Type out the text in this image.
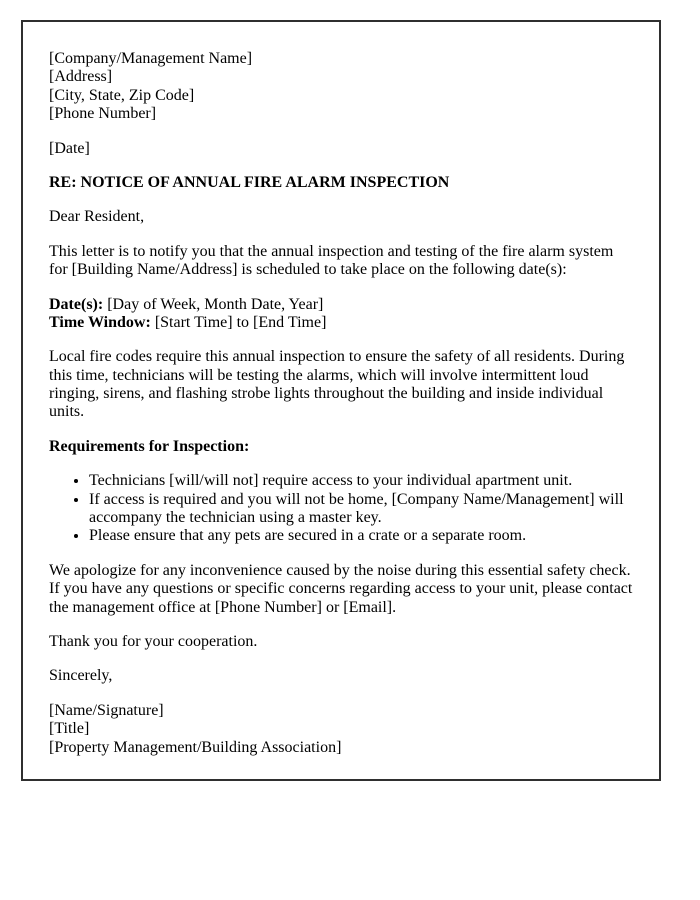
[Company/Management Name]
[Address]
[City, State, Zip Code]
[Phone Number]
[Date]
RE: NOTICE OF ANNUAL FIRE ALARM INSPECTION
Dear Resident,
This letter is to notify you that the annual inspection and testing of the fire alarm system for [Building Name/Address] is scheduled to take place on the following date(s):
Date(s): [Day of Week, Month Date, Year]
Time Window: [Start Time] to [End Time]
Local fire codes require this annual inspection to ensure the safety of all residents. During this time, technicians will be testing the alarms, which will involve intermittent loud ringing, sirens, and flashing strobe lights throughout the building and inside individual units.
Requirements for Inspection:
• Technicians [will/will not] require access to your individual apartment unit.
• If access is required and you will not be home, [Company Name/Management] will accompany the technician using a master key.
• Please ensure that any pets are secured in a crate or a separate room.
We apologize for any inconvenience caused by the noise during this essential safety check. If you have any questions or specific concerns regarding access to your unit, please contact the management office at [Phone Number] or [Email].
Thank you for your cooperation.
Sincerely,
[Name/Signature]
[Title]
[Property Management/Building Association]
